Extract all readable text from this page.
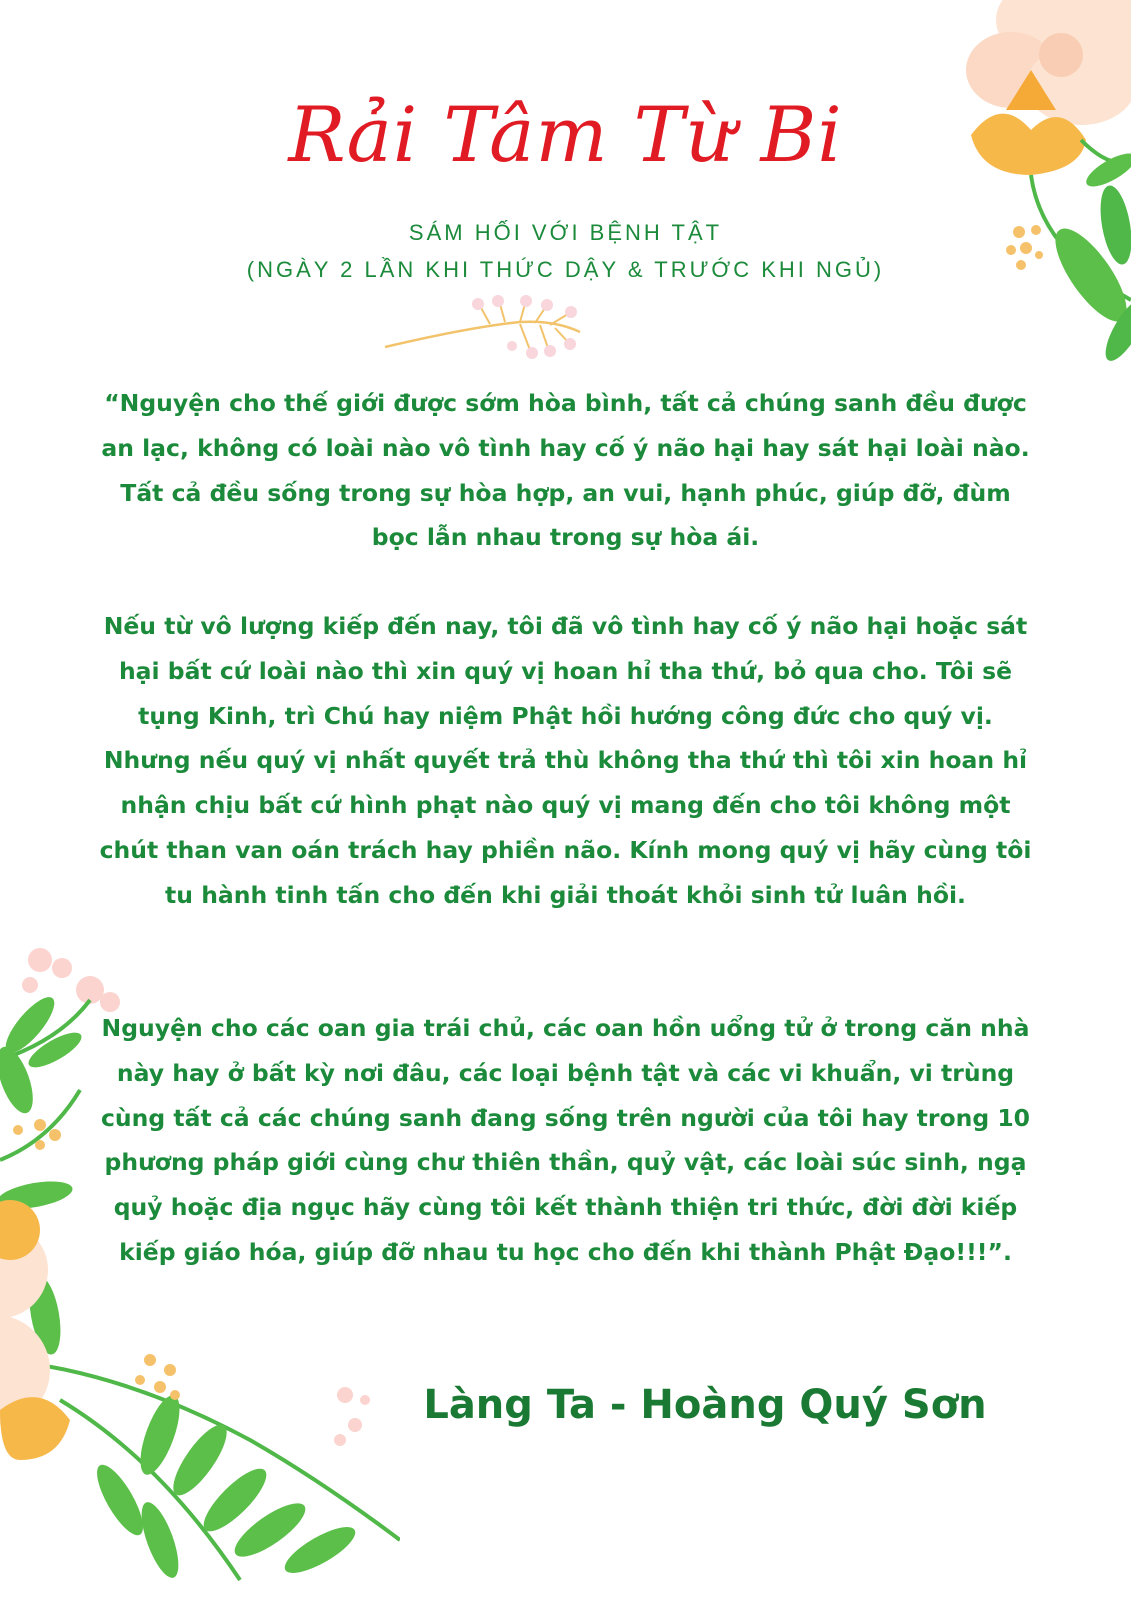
Rải Tâm Từ Bi
SÁM HỐI VỚI BỆNH TẬT
(NGÀY 2 LẦN KHI THỨC DẬY & TRƯỚC KHI NGỦ)

“Nguyện cho thế giới được sớm hòa bình, tất cả chúng sanh đều được an lạc, không có loài nào vô tình hay cố ý não hại hay sát hại loài nào. Tất cả đều sống trong sự hòa hợp, an vui, hạnh phúc, giúp đỡ, đùm bọc lẫn nhau trong sự hòa ái.

Nếu từ vô lượng kiếp đến nay, tôi đã vô tình hay cố ý não hại hoặc sát hại bất cứ loài nào thì xin quý vị hoan hỉ tha thứ, bỏ qua cho. Tôi sẽ tụng Kinh, trì Chú hay niệm Phật hồi hướng công đức cho quý vị. Nhưng nếu quý vị nhất quyết trả thù không tha thứ thì tôi xin hoan hỉ nhận chịu bất cứ hình phạt nào quý vị mang đến cho tôi không một chút than van oán trách hay phiền não. Kính mong quý vị hãy cùng tôi tu hành tinh tấn cho đến khi giải thoát khỏi sinh tử luân hồi.

Nguyện cho các oan gia trái chủ, các oan hồn uổng tử ở trong căn nhà này hay ở bất kỳ nơi đâu, các loại bệnh tật và các vi khuẩn, vi trùng cùng tất cả các chúng sanh đang sống trên người của tôi hay trong 10 phương pháp giới cùng chư thiên thần, quỷ vật, các loài súc sinh, ngạ quỷ hoặc địa ngục hãy cùng tôi kết thành thiện tri thức, đời đời kiếp kiếp giáo hóa, giúp đỡ nhau tu học cho đến khi thành Phật Đạo!!!”.

Làng Ta - Hoàng Quý Sơn
